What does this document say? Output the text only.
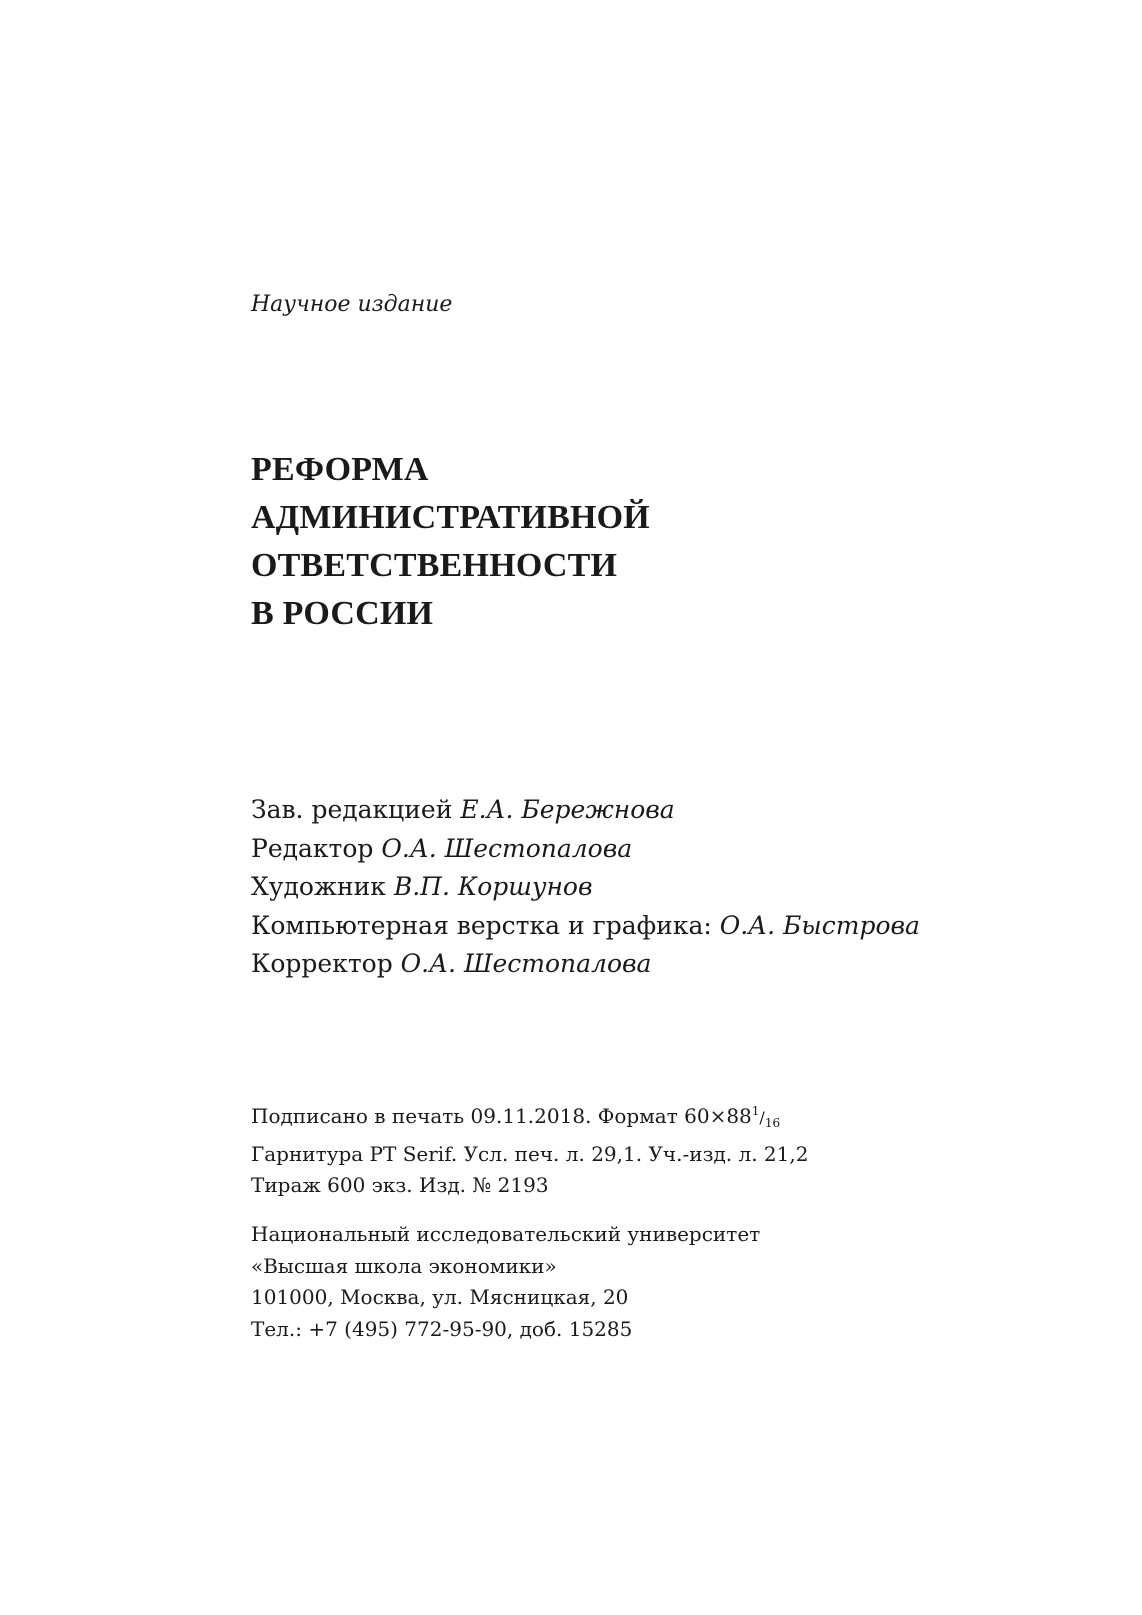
Научное издание
РЕФОРМА
АДМИНИСТРАТИВНОЙ
ОТВЕТСТВЕННОСТИ
В РОССИИ
Зав. редакцией Е.А. Бережнова
Редактор О.А. Шестопалова
Художник В.П. Коршунов
Компьютерная верстка и графика: О.А. Быстрова
Корректор О.А. Шестопалова
Подписано в печать 09.11.2018. Формат $60\times 88^1/_{16}$
Гарнитура PT Serif. Усл. печ. л. 29,1. Уч.-изд. л. 21,2
Тираж 600 экз. Изд. № 2193
Национальный исследовательский университет
«Высшая школа экономики»
101000, Москва, ул. Мясницкая, 20
Тел.: +7 (495) 772-95-90, доб. 15285
